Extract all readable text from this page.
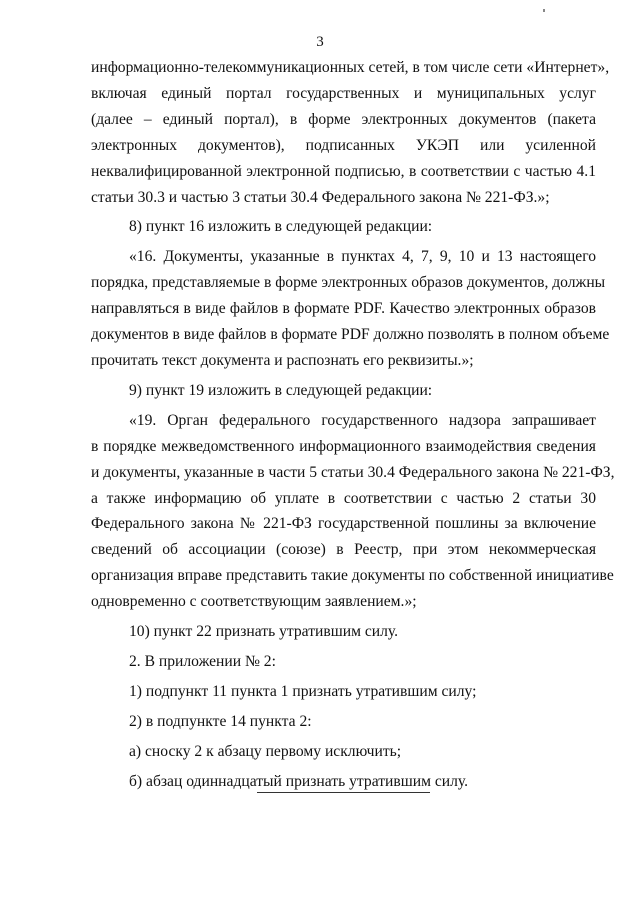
3

информационно-телекоммуникационных сетей, в том числе сети «Интернет»,
включая единый портал государственных и муниципальных услуг
(далее – единый портал), в форме электронных документов (пакета
электронных документов), подписанных УКЭП или усиленной
неквалифицированной электронной подписью, в соответствии с частью 4.1
статьи 30.3 и частью 3 статьи 30.4 Федерального закона № 221-ФЗ.»;

8) пункт 16 изложить в следующей редакции:

«16. Документы, указанные в пунктах 4, 7, 9, 10 и 13 настоящего
порядка, представляемые в форме электронных образов документов, должны
направляться в виде файлов в формате PDF. Качество электронных образов
документов в виде файлов в формате PDF должно позволять в полном объеме
прочитать текст документа и распознать его реквизиты.»;

9) пункт 19 изложить в следующей редакции:

«19. Орган федерального государственного надзора запрашивает
в порядке межведомственного информационного взаимодействия сведения
и документы, указанные в части 5 статьи 30.4 Федерального закона № 221-ФЗ,
а также информацию об уплате в соответствии с частью 2 статьи 30
Федерального закона № 221-ФЗ государственной пошлины за включение
сведений об ассоциации (союзе) в Реестр, при этом некоммерческая
организация вправе представить такие документы по собственной инициативе
одновременно с соответствующим заявлением.»;

10) пункт 22 признать утратившим силу.

2. В приложении № 2:

1) подпункт 11 пункта 1 признать утратившим силу;

2) в подпункте 14 пункта 2:

а) сноску 2 к абзацу первому исключить;

б) абзац одиннадцатый признать утратившим силу.
